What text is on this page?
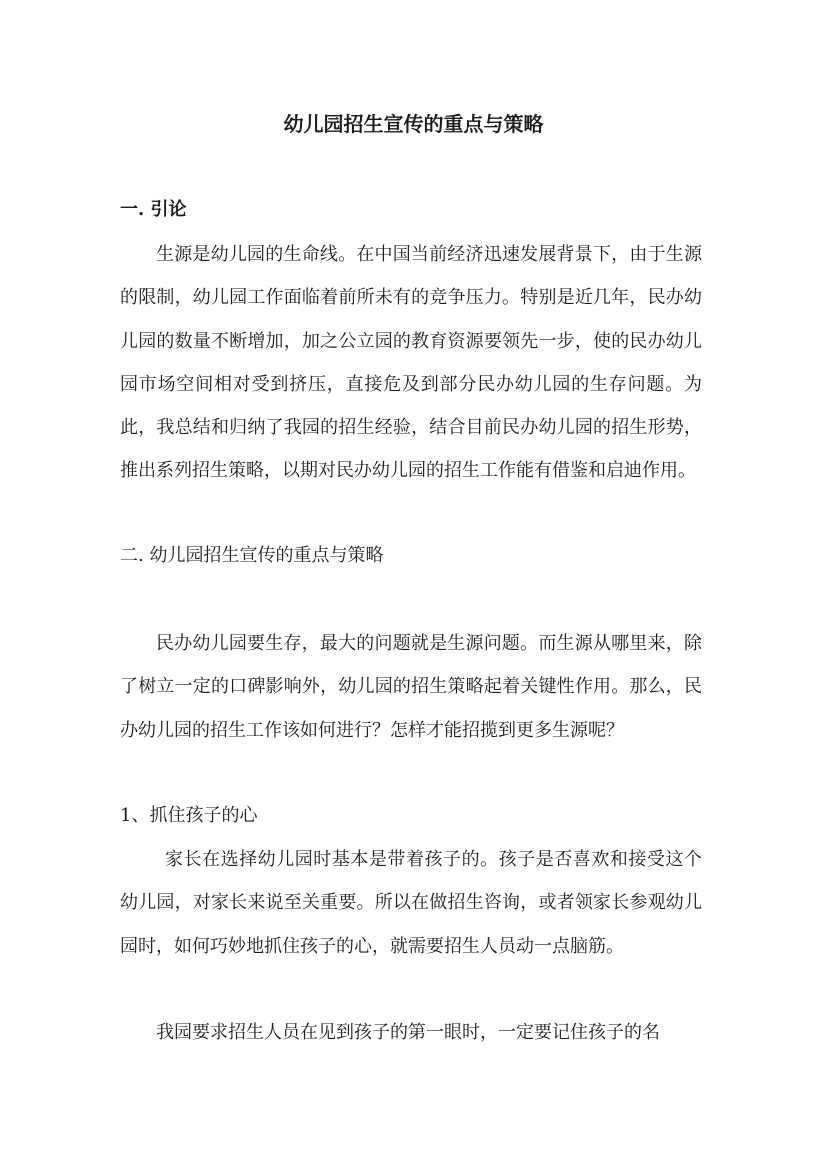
幼儿园招生宣传的重点与策略
一. 引论

生源是幼儿园的生命线。在中国当前经济迅速发展背景下，由于生源的限制，幼儿园工作面临着前所未有的竞争压力。特别是近几年，民办幼儿园的数量不断增加，加之公立园的教育资源要领先一步，使的民办幼儿园市场空间相对受到挤压，直接危及到部分民办幼儿园的生存问题。为此，我总结和归纳了我园的招生经验，结合目前民办幼儿园的招生形势，推出系列招生策略，以期对民办幼儿园的招生工作能有借鉴和启迪作用。

二. 幼儿园招生宣传的重点与策略

民办幼儿园要生存，最大的问题就是生源问题。而生源从哪里来，除了树立一定的口碑影响外，幼儿园的招生策略起着关键性作用。那么，民办幼儿园的招生工作该如何进行？怎样才能招揽到更多生源呢？

1、抓住孩子的心

家长在选择幼儿园时基本是带着孩子的。孩子是否喜欢和接受这个幼儿园，对家长来说至关重要。所以在做招生咨询，或者领家长参观幼儿园时，如何巧妙地抓住孩子的心，就需要招生人员动一点脑筋。

我园要求招生人员在见到孩子的第一眼时，一定要记住孩子的名
